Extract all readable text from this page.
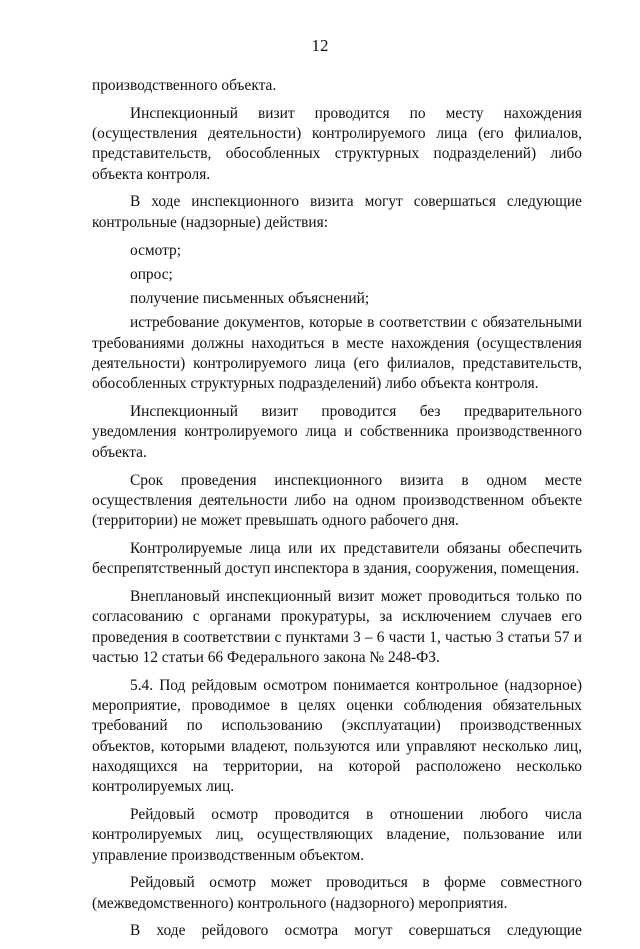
12

производственного объекта.

Инспекционный визит проводится по месту нахождения (осуществления деятельности) контролируемого лица (его филиалов, представительств, обособленных структурных подразделений) либо объекта контроля.

В ходе инспекционного визита могут совершаться следующие контрольные (надзорные) действия:

осмотр;

опрос;

получение письменных объяснений;

истребование документов, которые в соответствии с обязательными требованиями должны находиться в месте нахождения (осуществления деятельности) контролируемого лица (его филиалов, представительств, обособленных структурных подразделений) либо объекта контроля.

Инспекционный визит проводится без предварительного уведомления контролируемого лица и собственника производственного объекта.

Срок проведения инспекционного визита в одном месте осуществления деятельности либо на одном производственном объекте (территории) не может превышать одного рабочего дня.

Контролируемые лица или их представители обязаны обеспечить беспрепятственный доступ инспектора в здания, сооружения, помещения.

Внеплановый инспекционный визит может проводиться только по согласованию с органами прокуратуры, за исключением случаев его проведения в соответствии с пунктами 3 – 6 части 1, частью 3 статьи 57 и частью 12 статьи 66 Федерального закона № 248-ФЗ.

5.4. Под рейдовым осмотром понимается контрольное (надзорное) мероприятие, проводимое в целях оценки соблюдения обязательных требований по использованию (эксплуатации) производственных объектов, которыми владеют, пользуются или управляют несколько лиц, находящихся на территории, на которой расположено несколько контролируемых лиц.

Рейдовый осмотр проводится в отношении любого числа контролируемых лиц, осуществляющих владение, пользование или управление производственным объектом.

Рейдовый осмотр может проводиться в форме совместного (межведомственного) контрольного (надзорного) мероприятия.

В ходе рейдового осмотра могут совершаться следующие
